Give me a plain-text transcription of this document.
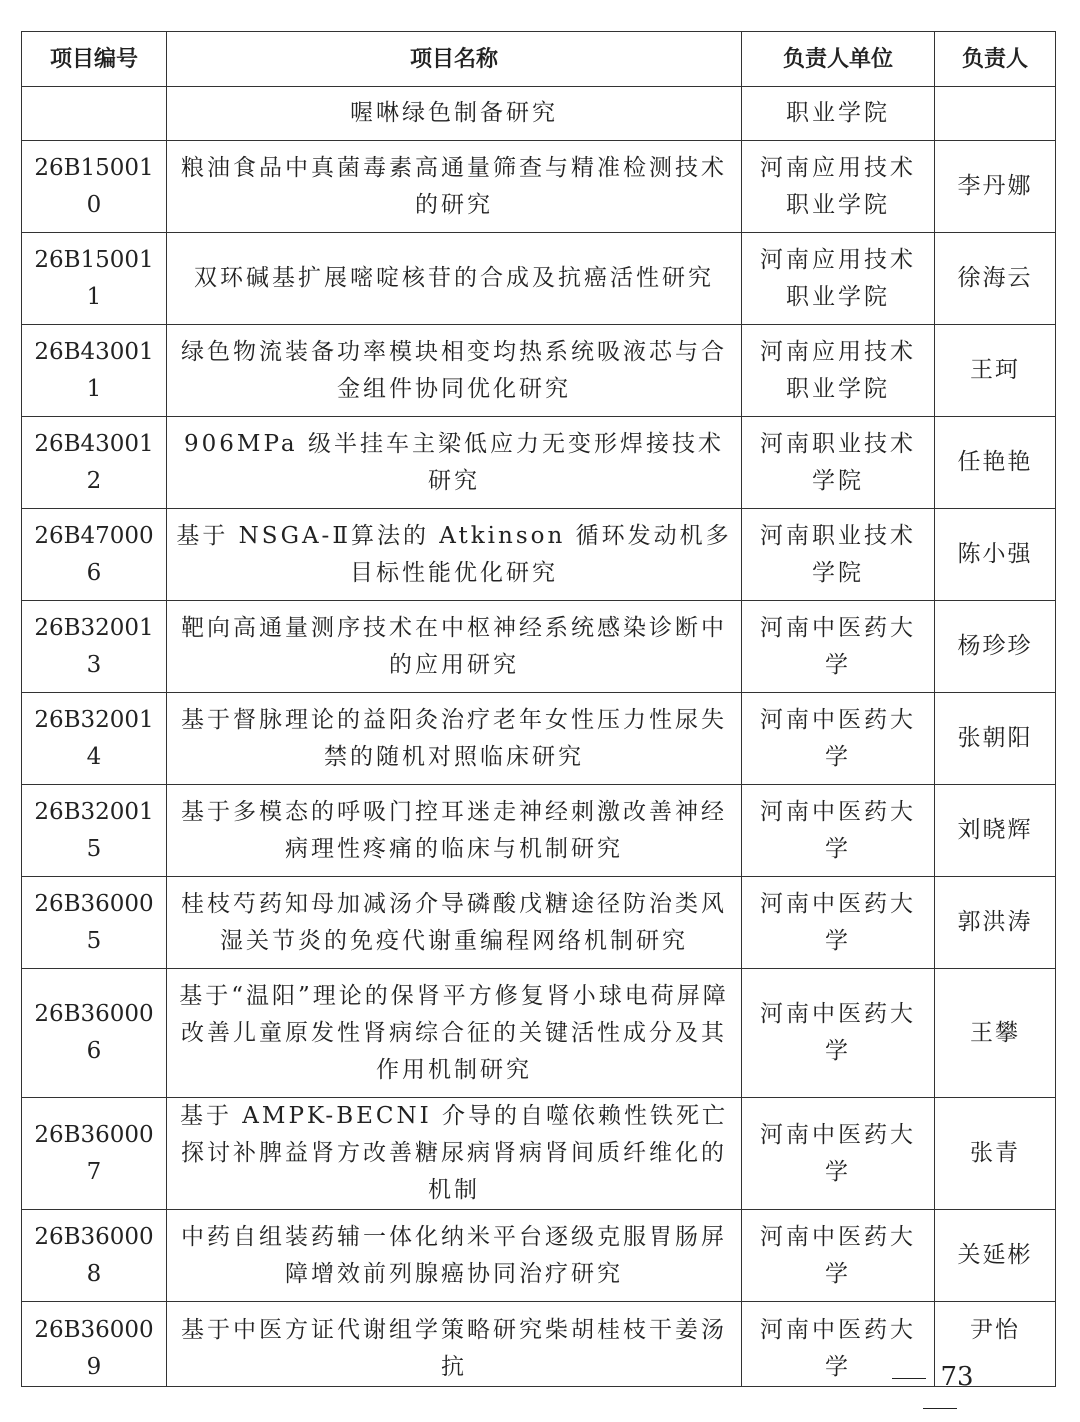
项目编号	项目名称	负责人单位	负责人
	喔啉绿色制备研究	职业学院	
26B150010	粮油食品中真菌毒素高通量筛查与精准检测技术的研究	河南应用技术职业学院	李丹娜
26B150011	双环碱基扩展嘧啶核苷的合成及抗癌活性研究	河南应用技术职业学院	徐海云
26B430011	绿色物流装备功率模块相变均热系统吸液芯与合金组件协同优化研究	河南应用技术职业学院	王珂
26B430012	906MPa 级半挂车主梁低应力无变形焊接技术研究	河南职业技术学院	任艳艳
26B470006	基于 NSGA-Ⅱ算法的 Atkinson 循环发动机多目标性能优化研究	河南职业技术学院	陈小强
26B320013	靶向高通量测序技术在中枢神经系统感染诊断中的应用研究	河南中医药大学	杨珍珍
26B320014	基于督脉理论的益阳灸治疗老年女性压力性尿失禁的随机对照临床研究	河南中医药大学	张朝阳
26B320015	基于多模态的呼吸门控耳迷走神经刺激改善神经病理性疼痛的临床与机制研究	河南中医药大学	刘晓辉
26B360005	桂枝芍药知母加减汤介导磷酸戊糖途径防治类风湿关节炎的免疫代谢重编程网络机制研究	河南中医药大学	郭洪涛
26B360006	基于“温阳”理论的保肾平方修复肾小球电荷屏障改善儿童原发性肾病综合征的关键活性成分及其作用机制研究	河南中医药大学	王攀
26B360007	基于 AMPK-BECNI 介导的自噬依赖性铁死亡探讨补脾益肾方改善糖尿病肾病肾间质纤维化的机制	河南中医药大学	张青
26B360008	中药自组装药辅一体化纳米平台逐级克服胃肠屏障增效前列腺癌协同治疗研究	河南中医药大学	关延彬
26B360009	基于中医方证代谢组学策略研究柴胡桂枝干姜汤抗	河南中医药大学	尹怡
73
